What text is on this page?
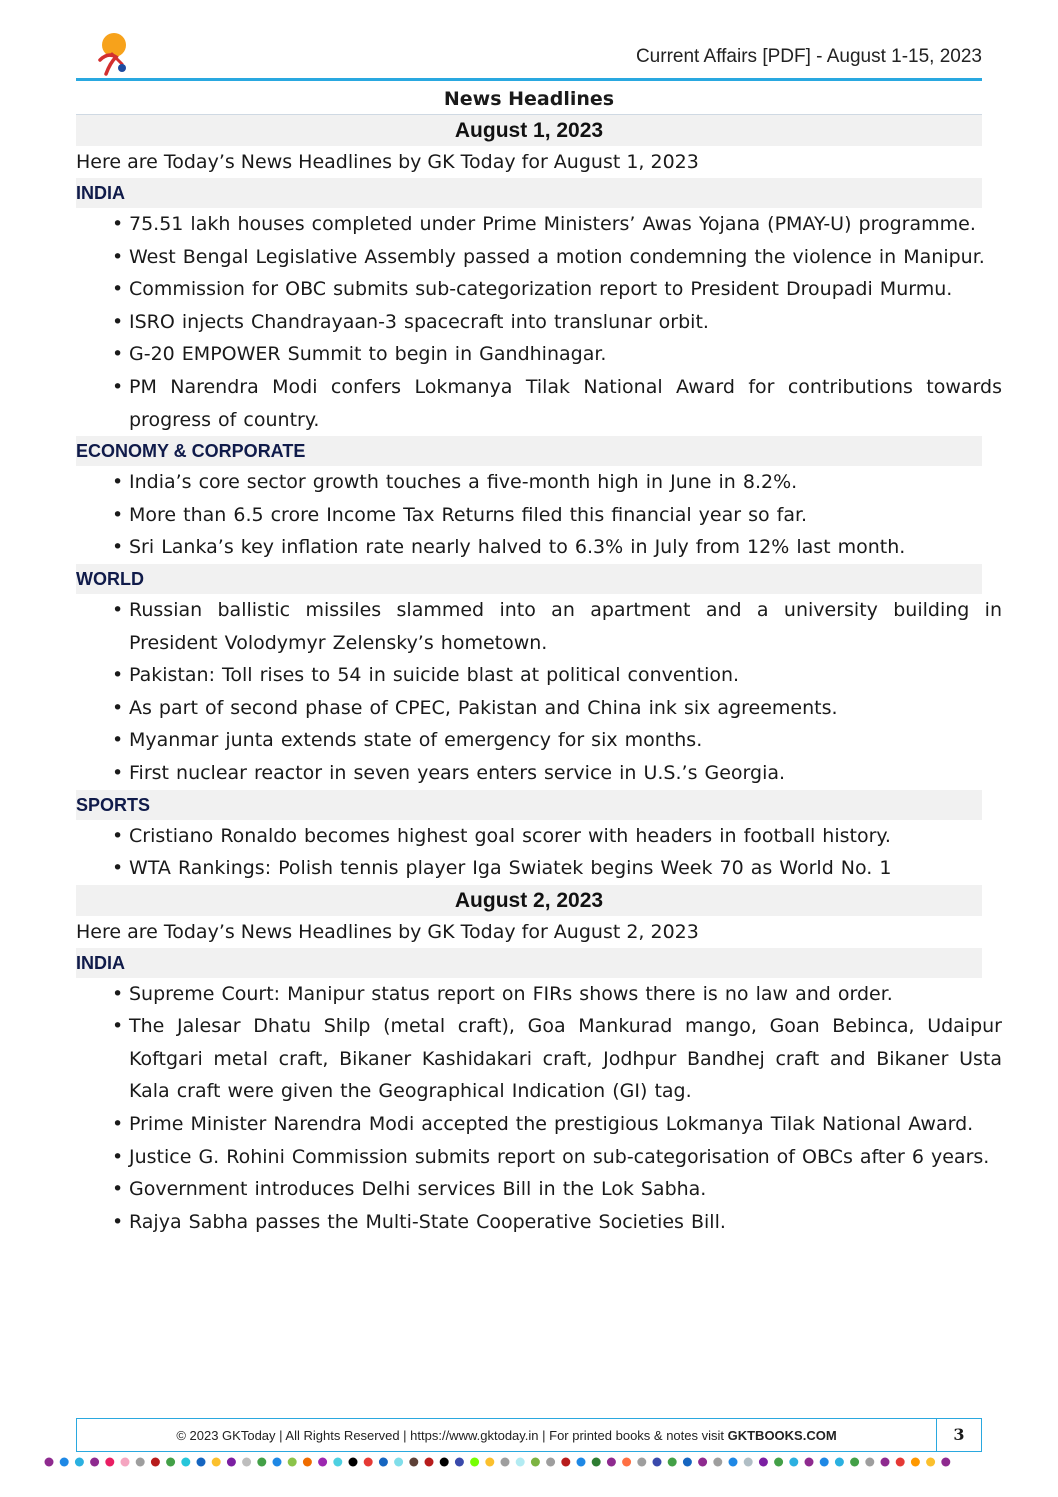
Current Affairs [PDF] - August 1-15, 2023
News Headlines
August 1, 2023
Here are Today’s News Headlines by GK Today for August 1, 2023
INDIA
• 75.51 lakh houses completed under Prime Ministers’ Awas Yojana (PMAY-U) programme.
• West Bengal Legislative Assembly passed a motion condemning the violence in Manipur.
• Commission for OBC submits sub-categorization report to President Droupadi Murmu.
• ISRO injects Chandrayaan-3 spacecraft into translunar orbit.
• G-20 EMPOWER Summit to begin in Gandhinagar.
• PM Narendra Modi confers Lokmanya Tilak National Award for contributions towards progress of country.
ECONOMY & CORPORATE
• India’s core sector growth touches a five-month high in June in 8.2%.
• More than 6.5 crore Income Tax Returns filed this financial year so far.
• Sri Lanka’s key inflation rate nearly halved to 6.3% in July from 12% last month.
WORLD
• Russian ballistic missiles slammed into an apartment and a university building in President Volodymyr Zelensky’s hometown.
• Pakistan: Toll rises to 54 in suicide blast at political convention.
• As part of second phase of CPEC, Pakistan and China ink six agreements.
• Myanmar junta extends state of emergency for six months.
• First nuclear reactor in seven years enters service in U.S.’s Georgia.
SPORTS
• Cristiano Ronaldo becomes highest goal scorer with headers in football history.
• WTA Rankings: Polish tennis player Iga Swiatek begins Week 70 as World No. 1
August 2, 2023
Here are Today’s News Headlines by GK Today for August 2, 2023
INDIA
• Supreme Court: Manipur status report on FIRs shows there is no law and order.
• The Jalesar Dhatu Shilp (metal craft), Goa Mankurad mango, Goan Bebinca, Udaipur Koftgari metal craft, Bikaner Kashidakari craft, Jodhpur Bandhej craft and Bikaner Usta Kala craft were given the Geographical Indication (GI) tag.
• Prime Minister Narendra Modi accepted the prestigious Lokmanya Tilak National Award.
• Justice G. Rohini Commission submits report on sub-categorisation of OBCs after 6 years.
• Government introduces Delhi services Bill in the Lok Sabha.
• Rajya Sabha passes the Multi-State Cooperative Societies Bill.
© 2023 GKToday | All Rights Reserved | https://www.gktoday.in | For printed books & notes visit GKTBOOKS.COM	3
